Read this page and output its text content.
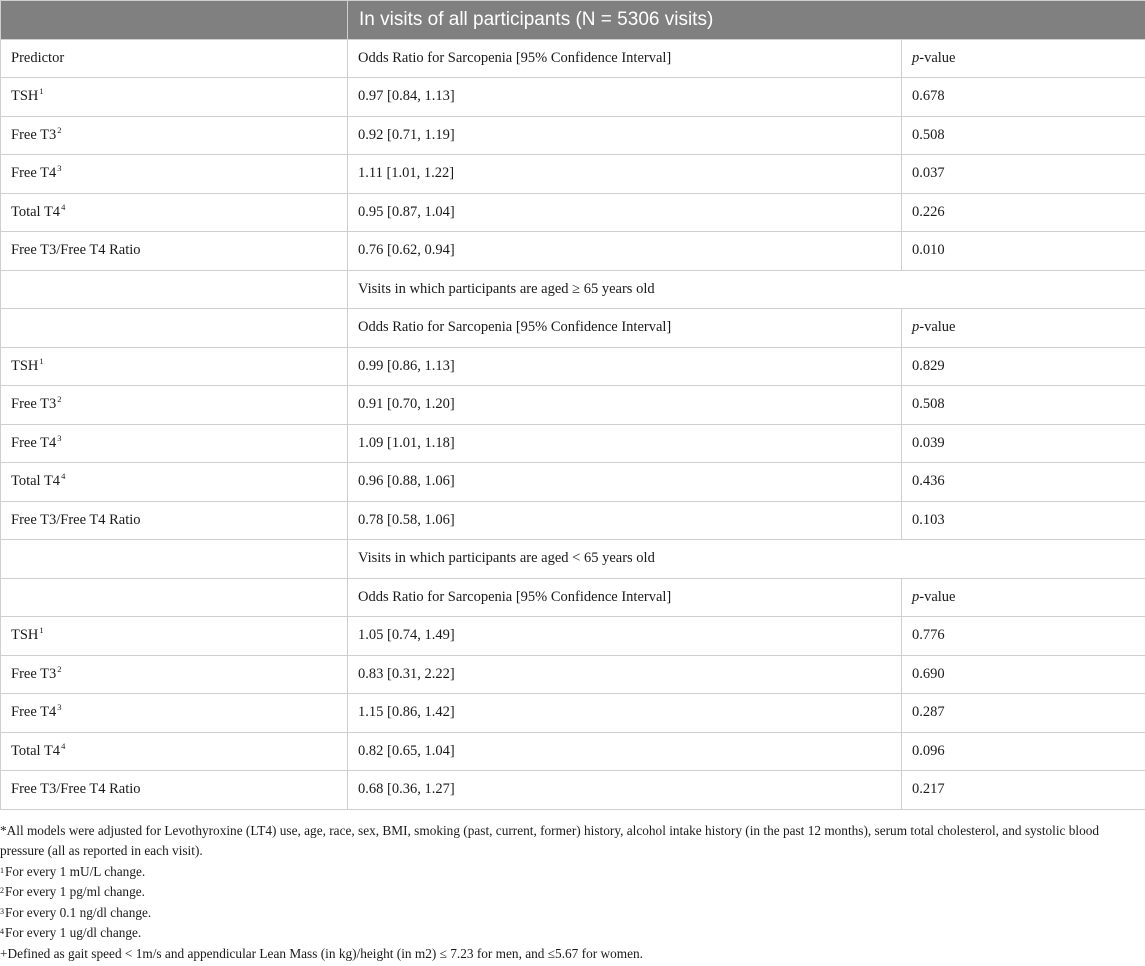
	In visits of all participants (N = 5306 visits)	
Predictor	Odds Ratio for Sarcopenia [95% Confidence Interval]	p-value
TSH$^1$	0.97 [0.84, 1.13]	0.678
Free $T3^2$	0.92 [0.71, 1.19]	0.508
Free $T4^3$	1.11 [1.01, 1.22]	0.037
Total $T4^4$	0.95 [0.87, 1.04]	0.226
Free T3/Free T4 Ratio	0.76 [0.62, 0.94]	0.010
	Visits in which participants are aged ≥ 65 years old	
	Odds Ratio for Sarcopenia [95% Confidence Interval]	p-value
TSH$^1$	0.99 [0.86, 1.13]	0.829
Free $T3^2$	0.91 [0.70, 1.20]	0.508
Free $T4^3$	1.09 [1.01, 1.18]	0.039
Total $T4^4$	0.96 [0.88, 1.06]	0.436
Free T3/Free T4 Ratio	0.78 [0.58, 1.06]	0.103
	Visits in which participants are aged < 65 years old	
	Odds Ratio for Sarcopenia [95% Confidence Interval]	p-value
TSH$^1$	1.05 [0.74, 1.49]	0.776
Free $T3^2$	0.83 [0.31, 2.22]	0.690
Free $T4^3$	1.15 [0.86, 1.42]	0.287
Total $T4^4$	0.82 [0.65, 1.04]	0.096
Free T3/Free T4 Ratio	0.68 [0.36, 1.27]	0.217
*All models were adjusted for Levothyroxine (LT4) use, age, race, sex, BMI, smoking (past, current, former) history, alcohol intake history (in the past 12 months), serum total cholesterol, and systolic blood pressure (all as reported in each visit).
$^1$For every 1 mU/L change.
$^2$For every 1 pg/ml change.
$^3$For every 0.1 ng/dl change.
$^4$For every 1 ug/dl change.
+Defined as gait speed < 1m/s and appendicular Lean Mass (in kg)/height (in m2) ≤ 7.23 for men, and ≤5.67 for women.
